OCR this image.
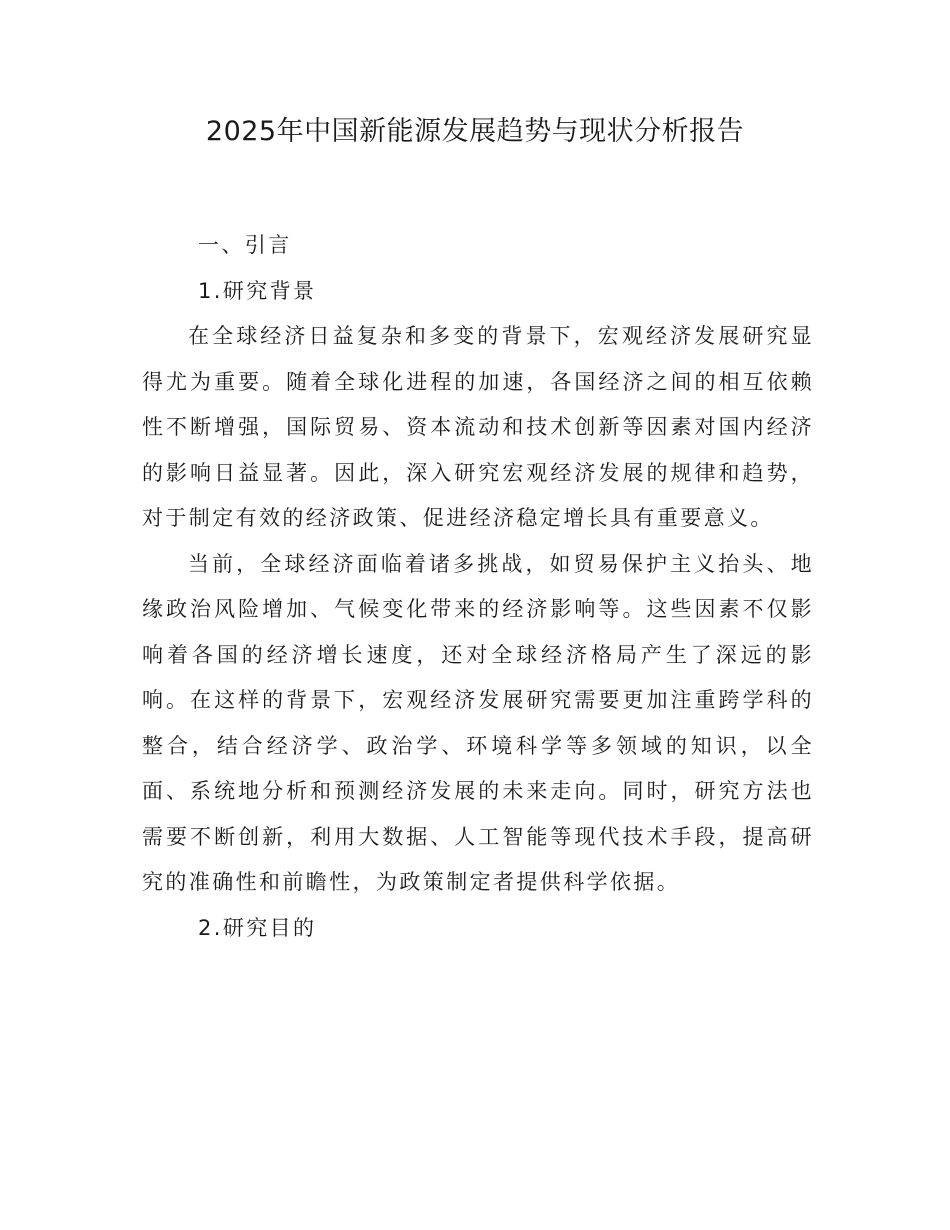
2025年中国新能源发展趋势与现状分析报告
一、引言
1.研究背景

在全球经济日益复杂和多变的背景下，宏观经济发展研究显得尤为重要。随着全球化进程的加速，各国经济之间的相互依赖性不断增强，国际贸易、资本流动和技术创新等因素对国内经济的影响日益显著。因此，深入研究宏观经济发展的规律和趋势，对于制定有效的经济政策、促进经济稳定增长具有重要意义。

当前，全球经济面临着诸多挑战，如贸易保护主义抬头、地缘政治风险增加、气候变化带来的经济影响等。这些因素不仅影响着各国的经济增长速度，还对全球经济格局产生了深远的影响。在这样的背景下，宏观经济发展研究需要更加注重跨学科的整合，结合经济学、政治学、环境科学等多领域的知识，以全面、系统地分析和预测经济发展的未来走向。同时，研究方法也需要不断创新，利用大数据、人工智能等现代技术手段，提高研究的准确性和前瞻性，为政策制定者提供科学依据。

2.研究目的
